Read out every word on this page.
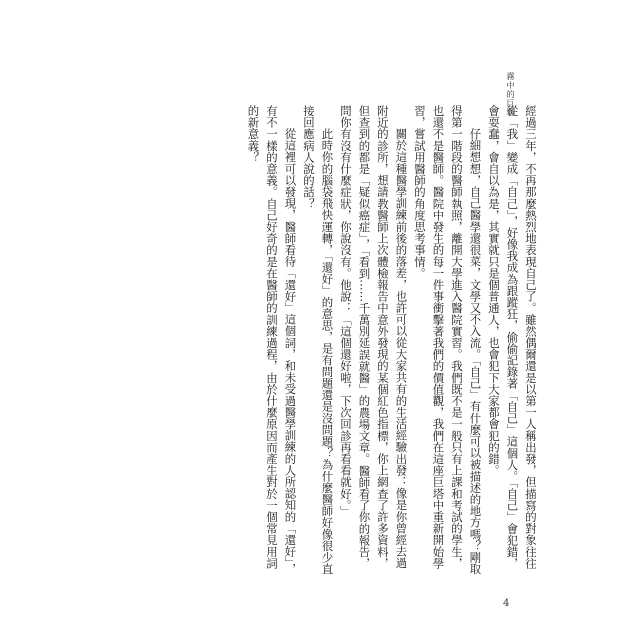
霧中的巨塔

經過三年，不再那麼熱烈地表現自己了。雖然偶爾還是以第一人稱出發，但描寫的對象往往從「我」變成「自己」，好像我成為跟蹤狂，偷偷記錄著「自己」這個人。「自己」會犯錯，會耍蠢，會自以為是，其實就只是個普通人，也會犯下大家都會犯的錯。

仔細想想，自己醫學還很菜，文學又不入流。「自己」有什麼可以被描述的地方嗎？剛取得第一階段的醫師執照，離開大學進入醫院實習。我們既不是一般只有上課和考試的學生，也還不是醫師。醫院中發生的每一件事衝擊著我們的價值觀，我們在這座巨塔中重新開始學習，嘗試用醫師的角度思考事情。

關於這種醫學訓練前後的落差，也許可以從大家共有的生活經驗出發：像是你曾經去過附近的診所，想請教醫師上次體檢報告中意外發現的某個紅色指標，你上網查了許多資料，但查到的都是「疑似癌症」，「看到……千萬別延誤就醫」的農場文章。醫師看了你的報告，問你有沒有什麼症狀，你說沒有。他說：「這個還好啦，下次回診再看看就好。」

此時你的腦袋飛快運轉，「還好」的意思，是有問題還是沒問題？為什麼醫師好像很少直接回應病人說的話？

從這裡可以發現，醫師看待「還好」這個詞，和未受過醫學訓練的人所認知的「還好」，有不一樣的意義。自己好奇的是在醫師的訓練過程，由於什麼原因而產生對於一個常見用詞的新意義？

4
